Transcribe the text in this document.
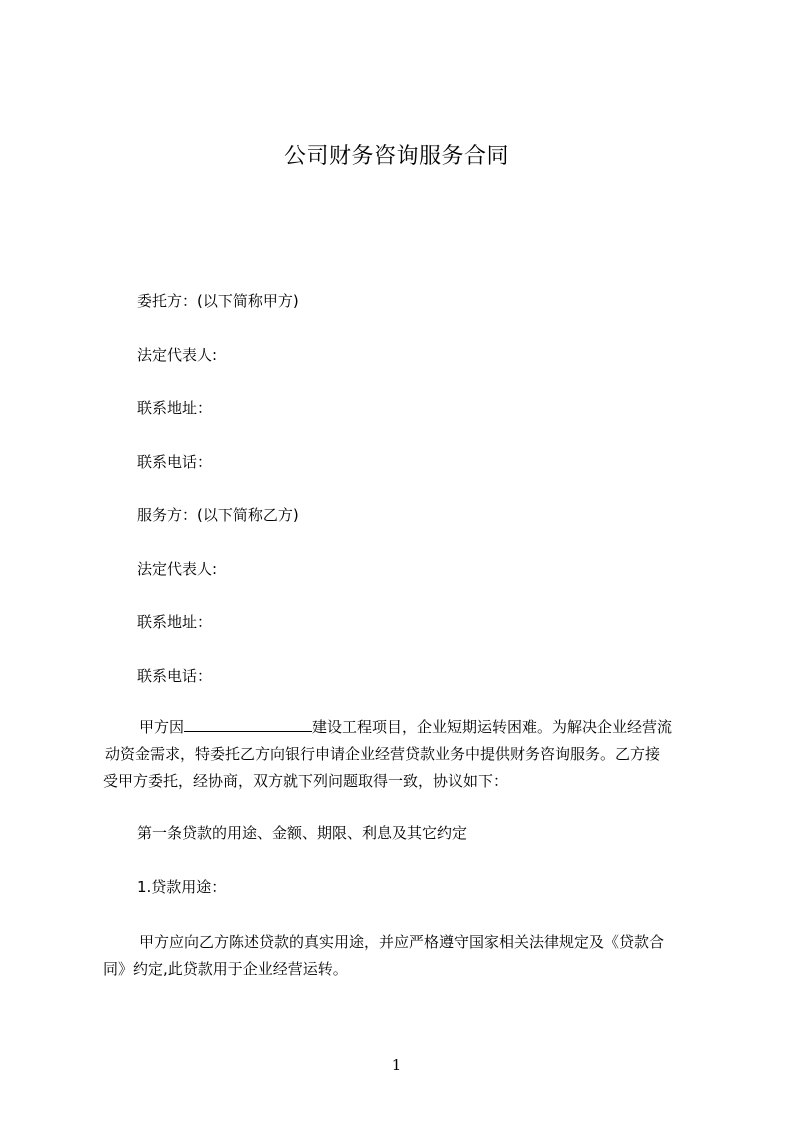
公司财务咨询服务合同
委托方：(以下简称甲方)
法定代表人:
联系地址：
联系电话：
服务方：(以下简称乙方)
法定代表人:
联系地址：
联系电话：
甲方因	建设工程项目，企业短期运转困难。为解决企业经营流
动资金需求，特委托乙方向银行申请企业经营贷款业务中提供财务咨询服务。乙方接
受甲方委托，经协商，双方就下列问题取得一致，协议如下：
第一条贷款的用途、金额、期限、利息及其它约定
1.贷款用途：
甲方应向乙方陈述贷款的真实用途，并应严格遵守国家相关法律规定及《贷款合
同》约定,此贷款用于企业经营运转。
1
